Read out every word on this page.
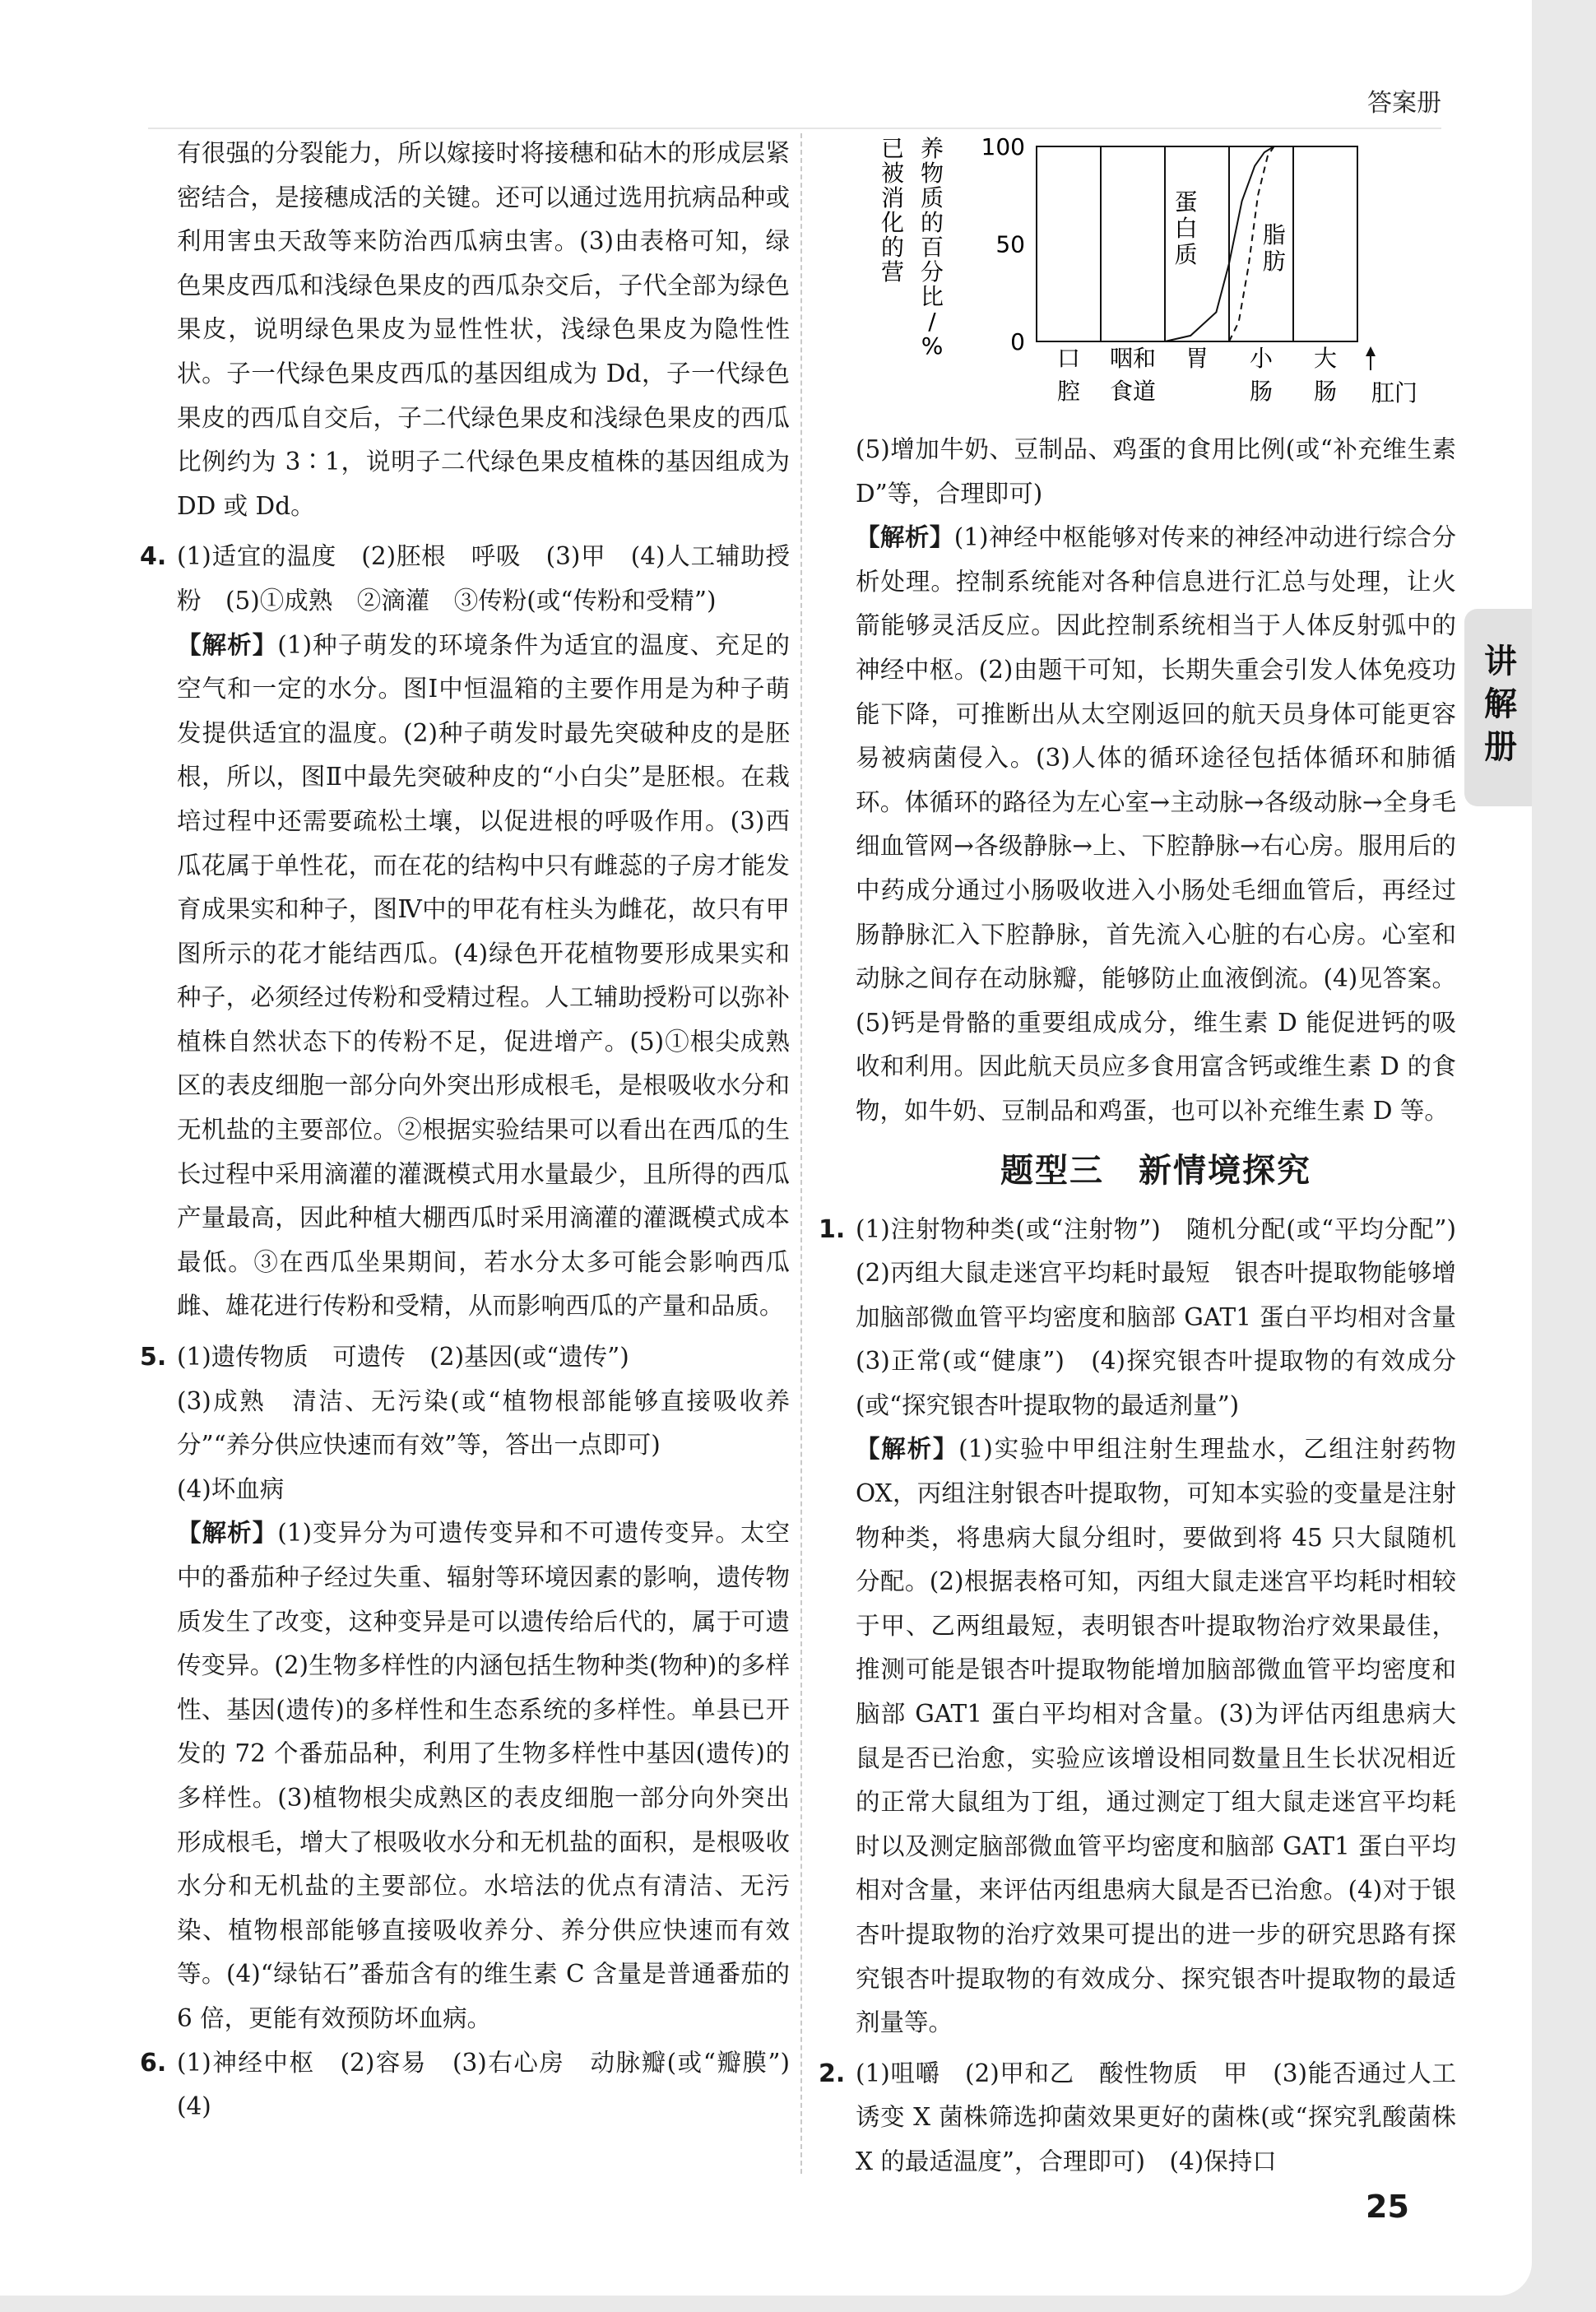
答案册

有很强的分裂能力，所以嫁接时将接穗和砧木的形成层紧密结合，是接穗成活的关键。还可以通过选用抗病品种或利用害虫天敌等来防治西瓜病虫害。(3)由表格可知，绿色果皮西瓜和浅绿色果皮的西瓜杂交后，子代全部为绿色果皮，说明绿色果皮为显性性状，浅绿色果皮为隐性性状。子一代绿色果皮西瓜的基因组成为 Dd，子一代绿色果皮的西瓜自交后，子二代绿色果皮和浅绿色果皮的西瓜比例约为 3∶1，说明子二代绿色果皮植株的基因组成为 DD 或 Dd。

4. (1)适宜的温度　(2)胚根　呼吸　(3)甲　(4)人工辅助授粉　(5)①成熟　②滴灌　③传粉(或“传粉和受精”)

【解析】(1)种子萌发的环境条件为适宜的温度、充足的空气和一定的水分。图Ⅰ中恒温箱的主要作用是为种子萌发提供适宜的温度。(2)种子萌发时最先突破种皮的是胚根，所以，图Ⅱ中最先突破种皮的“小白尖”是胚根。在栽培过程中还需要疏松土壤，以促进根的呼吸作用。(3)西瓜花属于单性花，而在花的结构中只有雌蕊的子房才能发育成果实和种子，图Ⅳ中的甲花有柱头为雌花，故只有甲图所示的花才能结西瓜。(4)绿色开花植物要形成果实和种子，必须经过传粉和受精过程。人工辅助授粉可以弥补植株自然状态下的传粉不足，促进增产。(5)①根尖成熟区的表皮细胞一部分向外突出形成根毛，是根吸收水分和无机盐的主要部位。②根据实验结果可以看出在西瓜的生长过程中采用滴灌的灌溉模式用水量最少，且所得的西瓜产量最高，因此种植大棚西瓜时采用滴灌的灌溉模式成本最低。③在西瓜坐果期间，若水分太多可能会影响西瓜雌、雄花进行传粉和受精，从而影响西瓜的产量和品质。

5. (1)遗传物质　可遗传　(2)基因(或“遗传”)

(3)成熟　清洁、无污染(或“植物根部能够直接吸收养分”“养分供应快速而有效”等，答出一点即可)

(4)坏血病

【解析】(1)变异分为可遗传变异和不可遗传变异。太空中的番茄种子经过失重、辐射等环境因素的影响，遗传物质发生了改变，这种变异是可以遗传给后代的，属于可遗传变异。(2)生物多样性的内涵包括生物种类(物种)的多样性、基因(遗传)的多样性和生态系统的多样性。单县已开发的 72 个番茄品种，利用了生物多样性中基因(遗传)的多样性。(3)植物根尖成熟区的表皮细胞一部分向外突出形成根毛，增大了根吸收水分和无机盐的面积，是根吸收水分和无机盐的主要部位。水培法的优点有清洁、无污染、植物根部能够直接吸收养分、养分供应快速而有效等。(4)“绿钻石”番茄含有的维生素 C 含量是普通番茄的 6 倍，更能有效预防坏血病。

6. (1)神经中枢　(2)容易　(3)右心房　动脉瓣(或“瓣膜”)　(4)

已
被
消
化
的
营
养
物
质
的
百
分
比
/
%	0
50
100
蛋
白
质
脂
肪
口
腔
咽和
食道
胃 小
肠
大
肠 肛门

(5)增加牛奶、豆制品、鸡蛋的食用比例(或“补充维生素 D”等，合理即可)

【解析】(1)神经中枢能够对传来的神经冲动进行综合分析处理。控制系统能对各种信息进行汇总与处理，让火箭能够灵活反应。因此控制系统相当于人体反射弧中的神经中枢。(2)由题干可知，长期失重会引发人体免疫功能下降，可推断出从太空刚返回的航天员身体可能更容易被病菌侵入。(3)人体的循环途径包括体循环和肺循环。体循环的路径为左心室→主动脉→各级动脉→全身毛细血管网→各级静脉→上、下腔静脉→右心房。服用后的中药成分通过小肠吸收进入小肠处毛细血管后，再经过肠静脉汇入下腔静脉，首先流入心脏的右心房。心室和动脉之间存在动脉瓣，能够防止血液倒流。(4)见答案。(5)钙是骨骼的重要组成成分，维生素 D 能促进钙的吸收和利用。因此航天员应多食用富含钙或维生素 D 的食物，如牛奶、豆制品和鸡蛋，也可以补充维生素 D 等。

题型三　新情境探究
1. (1)注射物种类(或“注射物”)　随机分配(或“平均分配”)　(2)丙组大鼠走迷宫平均耗时最短　银杏叶提取物能够增加脑部微血管平均密度和脑部 GAT1 蛋白平均相对含量　(3)正常(或“健康”)　(4)探究银杏叶提取物的有效成分(或“探究银杏叶提取物的最适剂量”)

【解析】(1)实验中甲组注射生理盐水，乙组注射药物 OX，丙组注射银杏叶提取物，可知本实验的变量是注射物种类，将患病大鼠分组时，要做到将 45 只大鼠随机分配。(2)根据表格可知，丙组大鼠走迷宫平均耗时相较于甲、乙两组最短，表明银杏叶提取物治疗效果最佳，推测可能是银杏叶提取物能增加脑部微血管平均密度和脑部 GAT1 蛋白平均相对含量。(3)为评估丙组患病大鼠是否已治愈，实验应该增设相同数量且生长状况相近的正常大鼠组为丁组，通过测定丁组大鼠走迷宫平均耗时以及测定脑部微血管平均密度和脑部 GAT1 蛋白平均相对含量，来评估丙组患病大鼠是否已治愈。(4)对于银杏叶提取物的治疗效果可提出的进一步的研究思路有探究银杏叶提取物的有效成分、探究银杏叶提取物的最适剂量等。

2. (1)咀嚼　(2)甲和乙　酸性物质　甲　(3)能否通过人工诱变 X 菌株筛选抑菌效果更好的菌株(或“探究乳酸菌株 X 的最适温度”，合理即可)　(4)保持口

讲解册
25
